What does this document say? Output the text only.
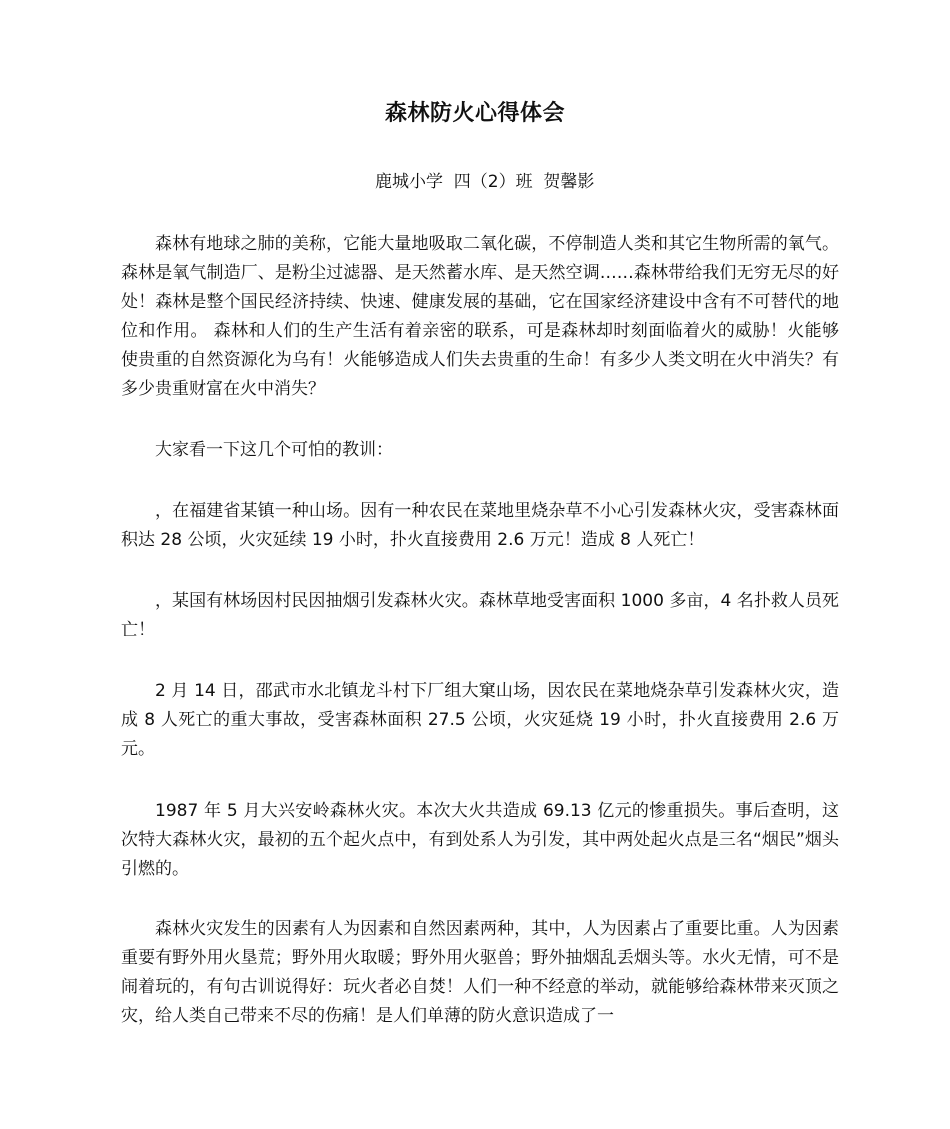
森林防火心得体会
鹿城小学  四（2）班  贺馨影

森林有地球之肺的美称，它能大量地吸取二氧化碳，不停制造人类和其它生物所需的氧气。 森林是氧气制造厂、是粉尘过滤器、是天然蓄水库、是天然空调……森林带给我们无穷无尽的好处！森林是整个国民经济持续、快速、健康发展的基础，它在国家经济建设中含有不可替代的地位和作用。 森林和人们的生产生活有着亲密的联系，可是森林却时刻面临着火的威胁！火能够使贵重的自然资源化为乌有！火能够造成人们失去贵重的生命！有多少人类文明在火中消失？有多少贵重财富在火中消失？

大家看一下这几个可怕的教训：

，在福建省某镇一种山场。因有一种农民在菜地里烧杂草不小心引发森林火灾，受害森林面积达 28 公顷，火灾延续 19 小时，扑火直接费用 2.6 万元！造成 8 人死亡！

，某国有林场因村民因抽烟引发森林火灾。森林草地受害面积 1000 多亩，4 名扑救人员死亡！

2 月 14 日，邵武市水北镇龙斗村下厂组大窠山场，因农民在菜地烧杂草引发森林火灾，造成 8 人死亡的重大事故，受害森林面积 27.5 公顷，火灾延烧 19 小时，扑火直接费用 2.6 万元。

1987 年 5 月大兴安岭森林火灾。本次大火共造成 69.13 亿元的惨重损失。事后查明，这次特大森林火灾，最初的五个起火点中，有到处系人为引发，其中两处起火点是三名“烟民”烟头引燃的。

森林火灾发生的因素有人为因素和自然因素两种，其中，人为因素占了重要比重。人为因素重要有野外用火垦荒；野外用火取暖；野外用火驱兽；野外抽烟乱丢烟头等。水火无情，可不是闹着玩的，有句古训说得好：玩火者必自焚！人们一种不经意的举动，就能够给森林带来灭顶之灾，给人类自己带来不尽的伤痛！是人们单薄的防火意识造成了一
